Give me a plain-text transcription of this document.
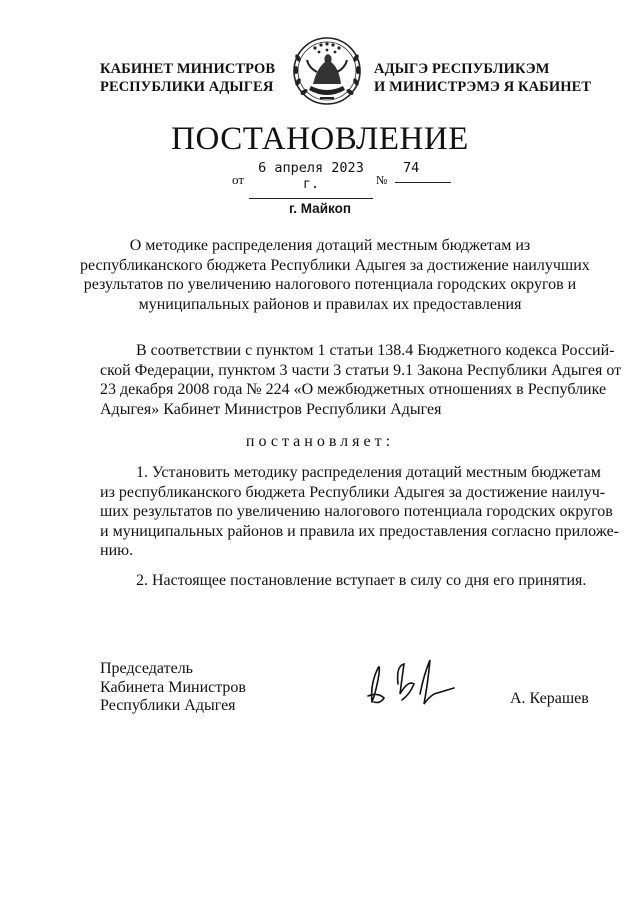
КАБИНЕТ МИНИСТРОВ
РЕСПУБЛИКИ АДЫГЕЯ
АДЫГЭ РЕСПУБЛИКЭМ
И МИНИСТРЭМЭ Я КАБИНЕТ
ПОСТАНОВЛЕНИЕ
от
6 апреля 2023 г.	№
74
г. Майкоп
О методике распределения дотаций местным бюджетам из
республиканского бюджета Республики Адыгея за достижение наилучших
результатов по увеличению налогового потенциала городских округов и
муниципальных районов и правилах их предоставления
В соответствии с пунктом 1 статьи 138.4 Бюджетного кодекса Россий-
ской Федерации, пунктом 3 части 3 статьи 9.1 Закона Республики Адыгея от
23 декабря 2008 года № 224 «О межбюджетных отношениях в Республике
Адыгея» Кабинет Министров Республики Адыгея
постановляет:
1. Установить методику распределения дотаций местным бюджетам
из республиканского бюджета Республики Адыгея за достижение наилуч-
ших результатов по увеличению налогового потенциала городских округов
и муниципальных районов и правила их предоставления согласно приложе-
нию.
2. Настоящее постановление вступает в силу со дня его принятия.
Председатель
Кабинета Министров
Республики Адыгея	А. Керашев
